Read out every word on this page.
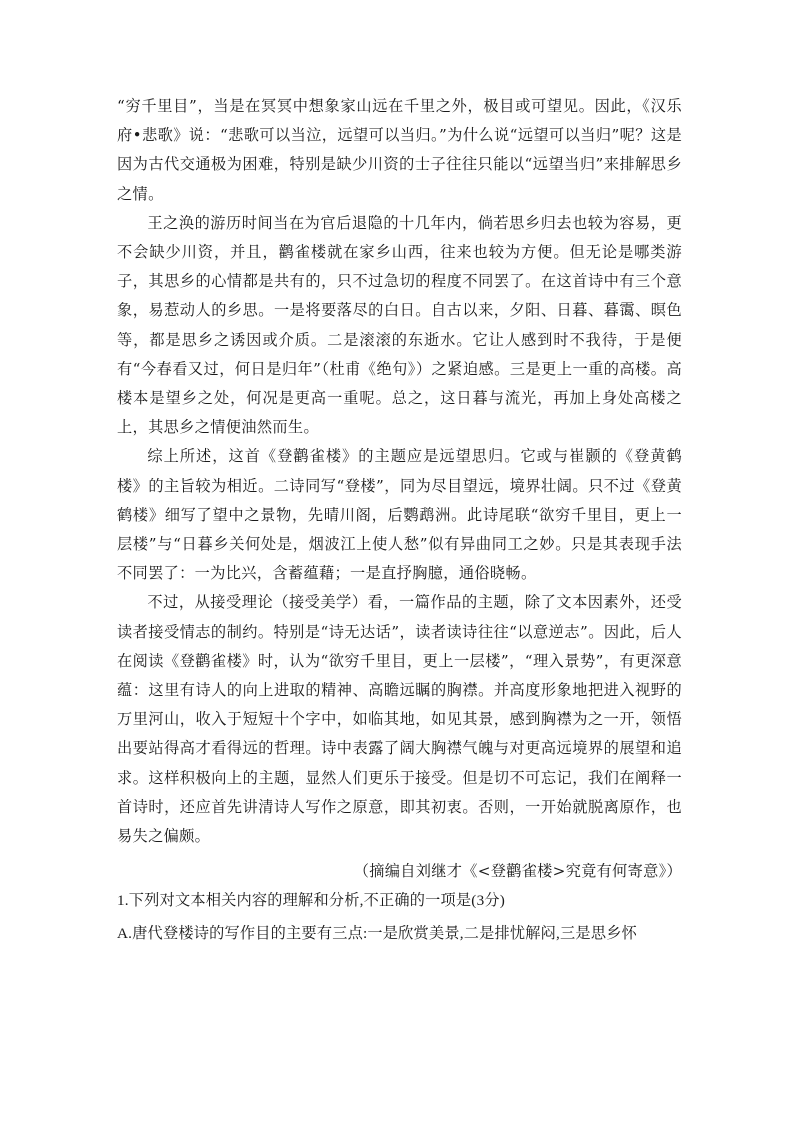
“穷千里目”，当是在冥冥中想象家山远在千里之外，极目或可望见。因此，《汉乐府•悲歌》说：“悲歌可以当泣，远望可以当归。”为什么说“远望可以当归”呢？这是因为古代交通极为困难，特别是缺少川资的士子往往只能以“远望当归”来排解思乡之情。

王之涣的游历时间当在为官后退隐的十几年内，倘若思乡归去也较为容易，更不会缺少川资，并且，鹳雀楼就在家乡山西，往来也较为方便。但无论是哪类游子，其思乡的心情都是共有的，只不过急切的程度不同罢了。在这首诗中有三个意象，易惹动人的乡思。一是将要落尽的白日。自古以来，夕阳、日暮、暮霭、暝色等，都是思乡之诱因或介质。二是滚滚的东逝水。它让人感到时不我待，于是便有“今春看又过，何日是归年”（杜甫《绝句》）之紧迫感。三是更上一重的高楼。高楼本是望乡之处，何况是更高一重呢。总之，这日暮与流光，再加上身处高楼之上，其思乡之情便油然而生。

综上所述，这首《登鹳雀楼》的主题应是远望思归。它或与崔颢的《登黄鹤楼》的主旨较为相近。二诗同写“登楼”，同为尽目望远，境界壮阔。只不过《登黄鹤楼》细写了望中之景物，先晴川阁，后鹦鹉洲。此诗尾联“欲穷千里目，更上一层楼”与“日暮乡关何处是，烟波江上使人愁”似有异曲同工之妙。只是其表现手法不同罢了：一为比兴，含蓄蕴藉；一是直抒胸臆，通俗晓畅。

不过，从接受理论（接受美学）看，一篇作品的主题，除了文本因素外，还受读者接受情志的制约。特别是“诗无达话”，读者读诗往往“以意逆志”。因此，后人在阅读《登鹳雀楼》时，认为“欲穷千里目，更上一层楼”，“理入景势”，有更深意蕴：这里有诗人的向上进取的精神、高瞻远瞩的胸襟。并高度形象地把进入视野的万里河山，收入于短短十个字中，如临其地，如见其景，感到胸襟为之一开，领悟出要站得高才看得远的哲理。诗中表露了阔大胸襟气魄与对更高远境界的展望和追求。这样积极向上的主题，显然人们更乐于接受。但是切不可忘记，我们在阐释一首诗时，还应首先讲清诗人写作之原意，即其初衷。否则，一开始就脱离原作，也易失之偏颇。

（摘编自刘继才《<登鹳雀楼>究竟有何寄意》）

1.下列对文本相关内容的理解和分析,不正确的一项是(3分)

A.唐代登楼诗的写作目的主要有三点:一是欣赏美景,二是排忧解闷,三是思乡怀
